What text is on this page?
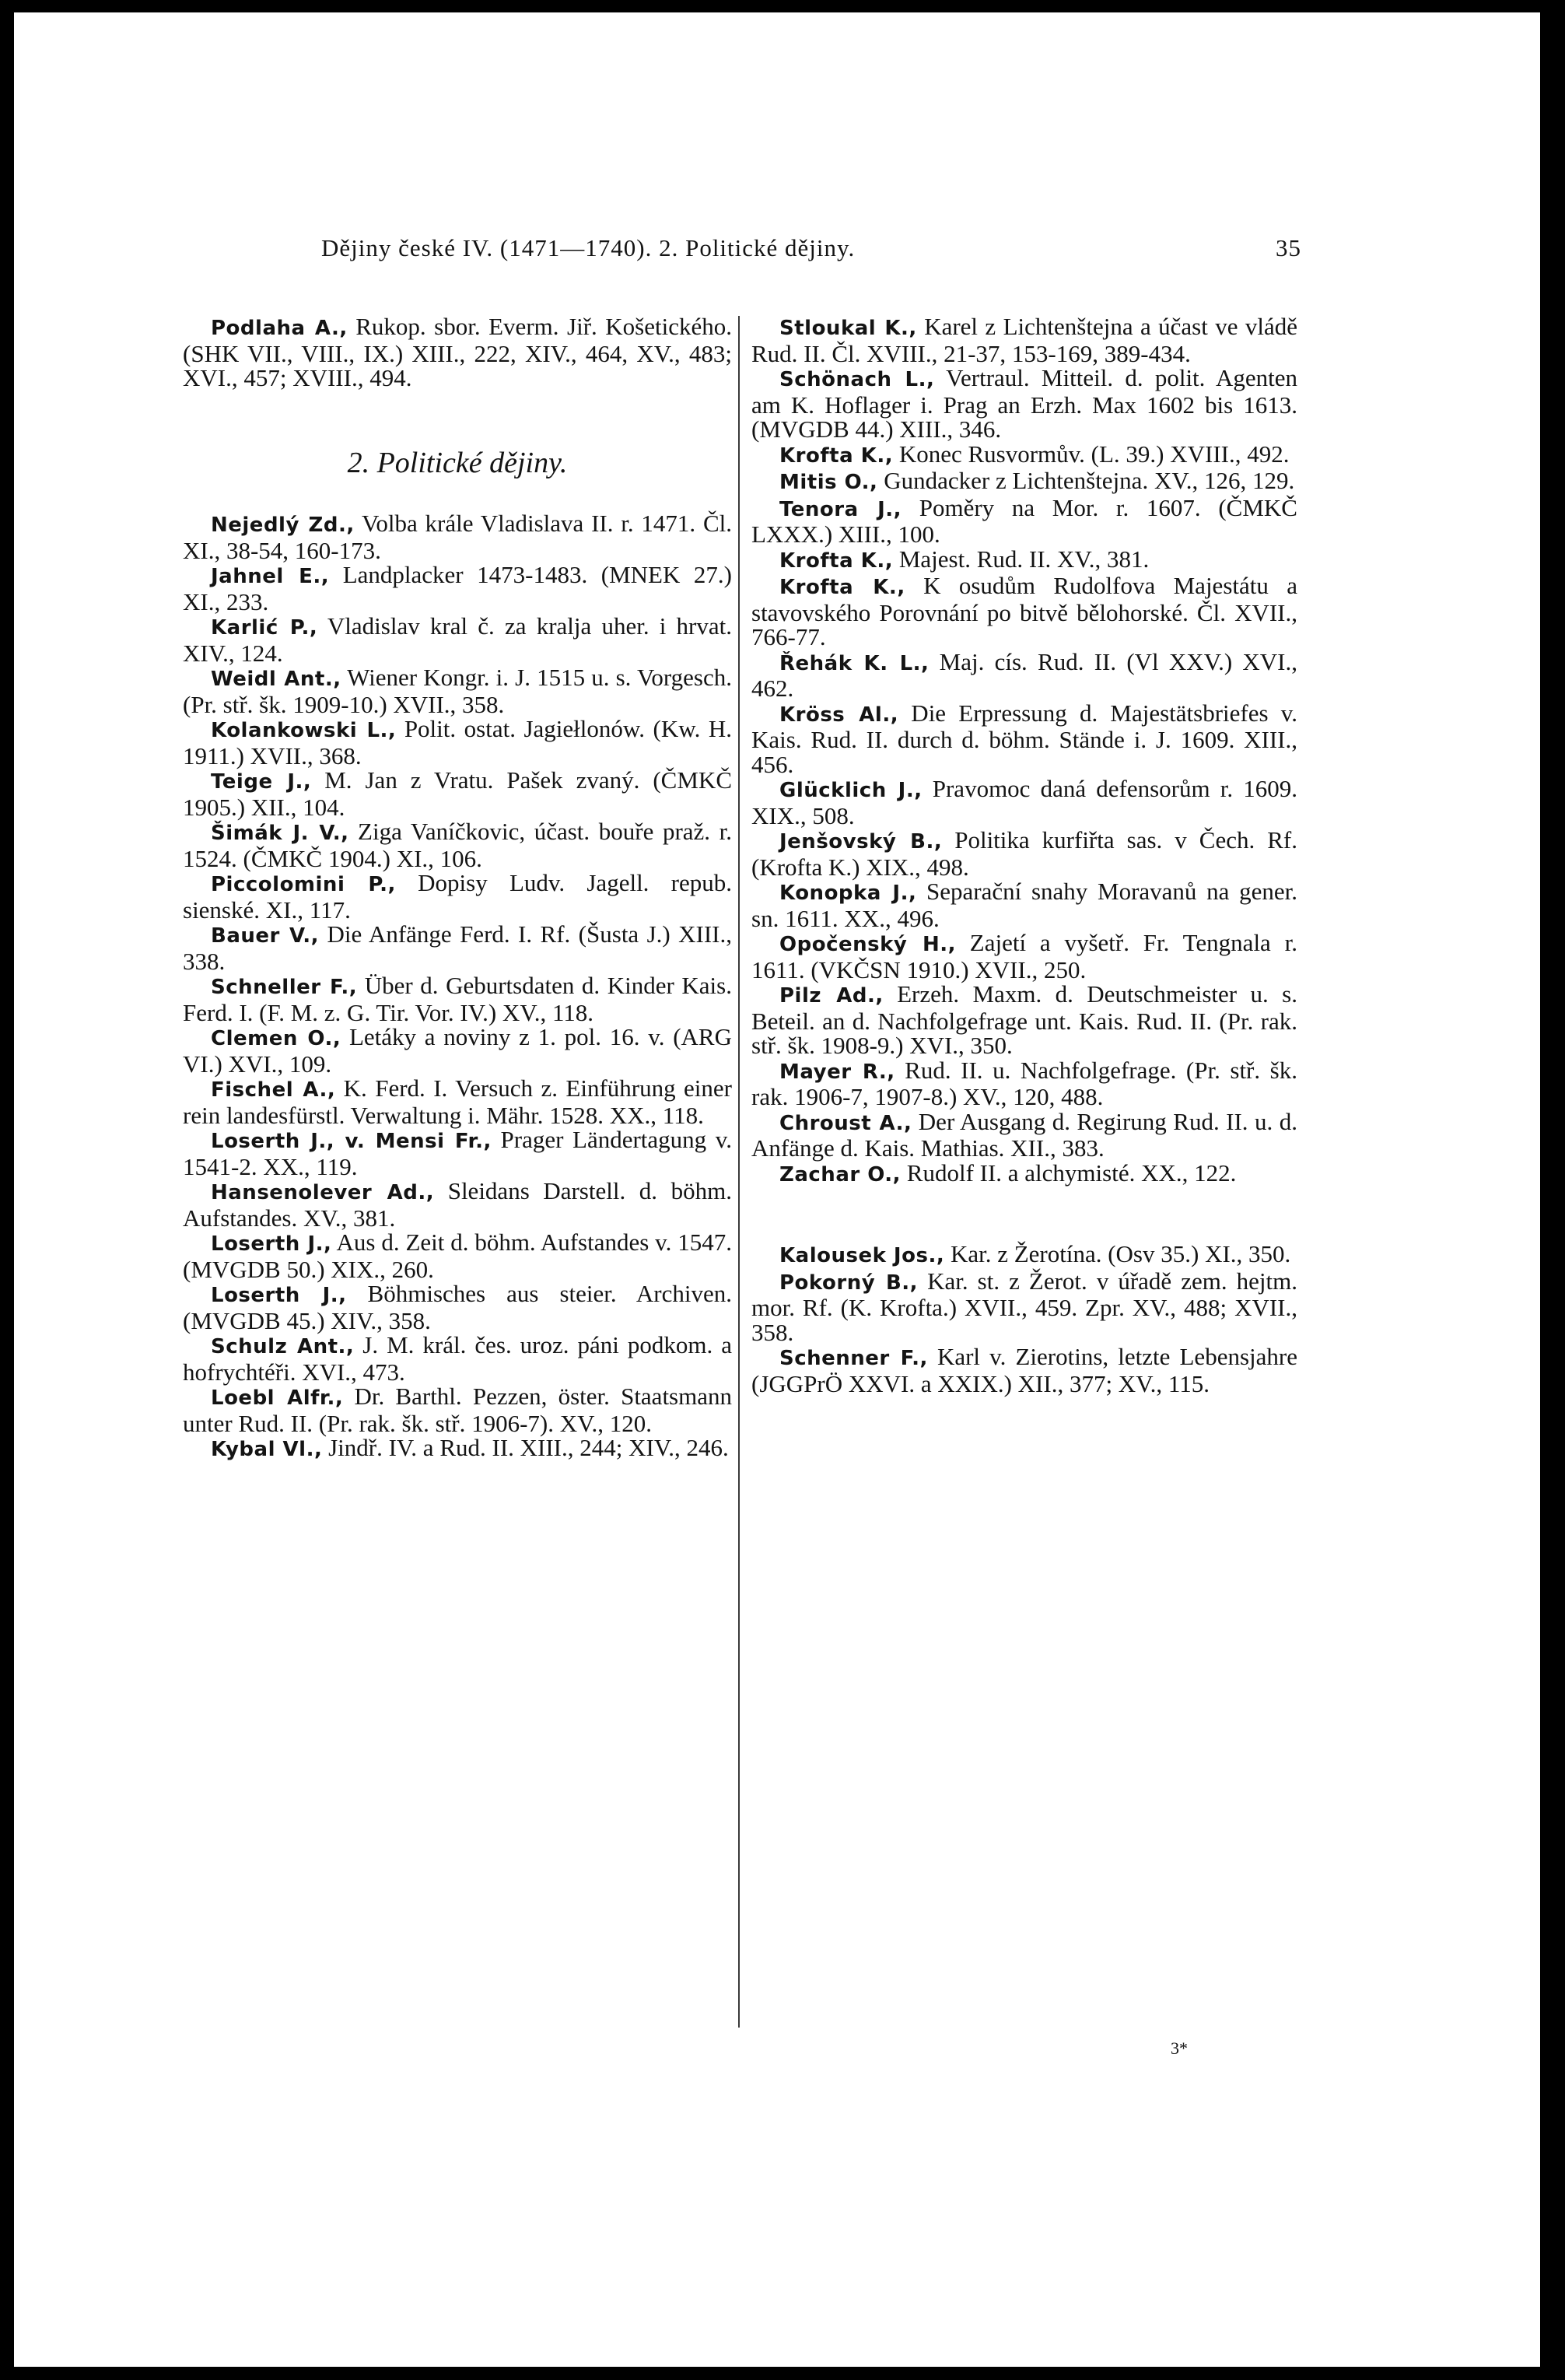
Dějiny české IV. (1471—1740). 2. Politické dějiny.	35

Podlaha A., Rukop. sbor. Everm. Jiř. Košetického. (SHK VII., VIII., IX.) XIII., 222, XIV., 464, XV., 483; XVI., 457; XVIII., 494.

2. Politické dějiny.

Nejedlý Zd., Volba krále Vladislava II. r. 1471. Čl. XI., 38-54, 160-173.

Jahnel E., Landplacker 1473-1483. (MNEK 27.) XI., 233.

Karlić P., Vladislav kral č. za kralja uher. i hrvat. XIV., 124.

Weidl Ant., Wiener Kongr. i. J. 1515 u. s. Vorgesch. (Pr. stř. šk. 1909-10.) XVII., 358.

Kolankowski L., Polit. ostat. Jagiełlonów. (Kw. H. 1911.) XVII., 368.

Teige J., M. Jan z Vratu. Pašek zvaný. (ČMKČ 1905.) XII., 104.

Šimák J. V., Ziga Vaníčkovic, účast. bouře praž. r. 1524. (ČMKČ 1904.) XI., 106.

Piccolomini P., Dopisy Ludv. Jagell. repub. sienské. XI., 117.

Bauer V., Die Anfänge Ferd. I. Rf. (Šusta J.) XIII., 338.

Schneller F., Über d. Geburtsdaten d. Kinder Kais. Ferd. I. (F. M. z. G. Tir. Vor. IV.) XV., 118.

Clemen O., Letáky a noviny z 1. pol. 16. v. (ARG VI.) XVI., 109.

Fischel A., K. Ferd. I. Versuch z. Einführung einer rein landesfürstl. Verwaltung i. Mähr. 1528. XX., 118.

Loserth J., v. Mensi Fr., Prager Ländertagung v. 1541-2. XX., 119.

Hansenolever Ad., Sleidans Darstell. d. böhm. Aufstandes. XV., 381.

Loserth J., Aus d. Zeit d. böhm. Aufstandes v. 1547. (MVGDB 50.) XIX., 260.

Loserth J., Böhmisches aus steier. Archiven. (MVGDB 45.) XIV., 358.

Schulz Ant., J. M. král. čes. uroz. páni podkom. a hofrychtéři. XVI., 473.

Loebl Alfr., Dr. Barthl. Pezzen, öster. Staatsmann unter Rud. II. (Pr. rak. šk. stř. 1906-7). XV., 120.

Kybal Vl., Jindř. IV. a Rud. II. XIII., 244; XIV., 246.

Stloukal K., Karel z Lichtenštejna a účast ve vládě Rud. II. Čl. XVIII., 21-37, 153-169, 389-434.

Schönach L., Vertraul. Mitteil. d. polit. Agenten am K. Hoflager i. Prag an Erzh. Max 1602 bis 1613. (MVGDB 44.) XIII., 346.

Krofta K., Konec Rusvormův. (L. 39.) XVIII., 492.

Mitis O., Gundacker z Lichtenštejna. XV., 126, 129.

Tenora J., Poměry na Mor. r. 1607. (ČMKČ LXXX.) XIII., 100.

Krofta K., Majest. Rud. II. XV., 381.

Krofta K., K osudům Rudolfova Majestátu a stavovského Porovnání po bitvě bělohorské. Čl. XVII., 766-77.

Řehák K. L., Maj. cís. Rud. II. (Vl XXV.) XVI., 462.

Kröss Al., Die Erpressung d. Majestätsbriefes v. Kais. Rud. II. durch d. böhm. Stände i. J. 1609. XIII., 456.

Glücklich J., Pravomoc daná defensorům r. 1609. XIX., 508.

Jenšovský B., Politika kurfiřta sas. v Čech. Rf. (Krofta K.) XIX., 498.

Konopka J., Separační snahy Moravanů na gener. sn. 1611. XX., 496.

Opočenský H., Zajetí a vyšetř. Fr. Tengnala r. 1611. (VKČSN 1910.) XVII., 250.

Pilz Ad., Erzeh. Maxm. d. Deutschmeister u. s. Beteil. an d. Nachfolgefrage unt. Kais. Rud. II. (Pr. rak. stř. šk. 1908-9.) XVI., 350.

Mayer R., Rud. II. u. Nachfolgefrage. (Pr. stř. šk. rak. 1906-7, 1907-8.) XV., 120, 488.

Chroust A., Der Ausgang d. Regirung Rud. II. u. d. Anfänge d. Kais. Mathias. XII., 383.

Zachar O., Rudolf II. a alchymisté. XX., 122.

Kalousek Jos., Kar. z Žerotína. (Osv 35.) XI., 350.

Pokorný B., Kar. st. z Žerot. v úřadě zem. hejtm. mor. Rf. (K. Krofta.) XVII., 459. Zpr. XV., 488; XVII., 358.

Schenner F., Karl v. Zierotins, letzte Lebensjahre (JGGPrÖ XXVI. a XXIX.) XII., 377; XV., 115.

3*
